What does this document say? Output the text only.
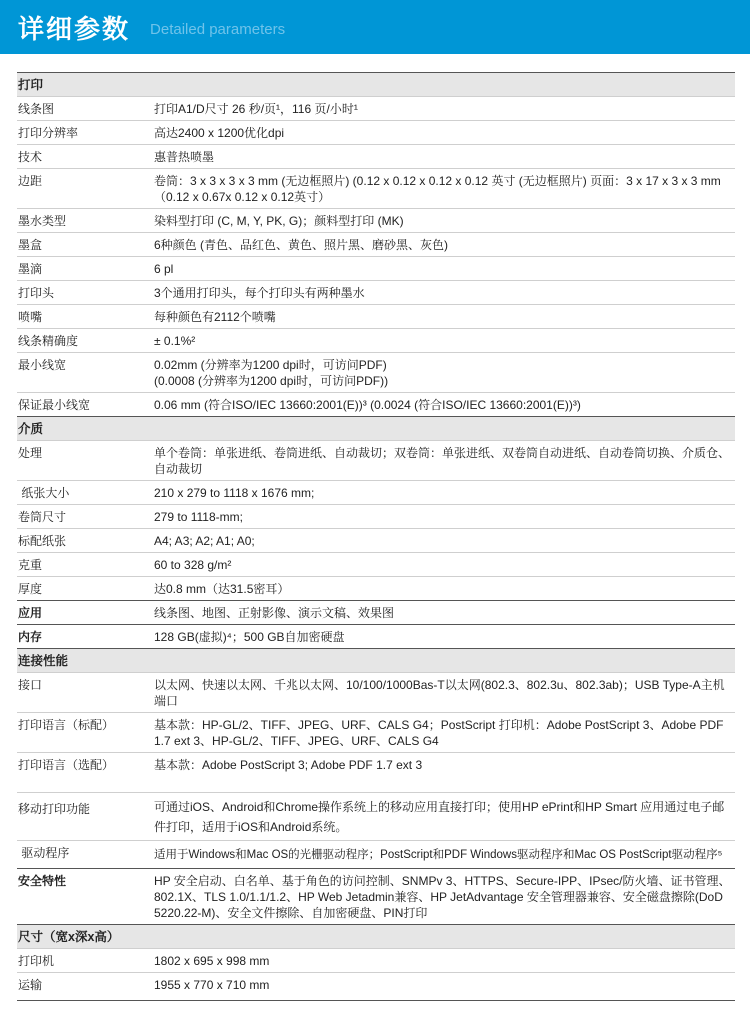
详细参数 Detailed parameters
打印
线条图	打印A1/D尺寸 26 秒/页¹，116 页/小时¹
打印分辨率	高达2400 x 1200优化dpi
技术	惠普热喷墨
边距	卷筒：3 x 3 x 3 x 3 mm (无边框照片) (0.12 x 0.12 x 0.12 x 0.12 英寸 (无边框照片) 页面：3 x 17 x 3 x 3 mm（0.12 x 0.67x 0.12 x 0.12英寸）
墨水类型	染料型打印 (C, M, Y, PK, G)；颜料型打印 (MK)
墨盒	6种颜色 (青色、品红色、黄色、照片黑、磨砂黑、灰色)
墨滴	6 pl
打印头	3个通用打印头，每个打印头有两种墨水
喷嘴	每种颜色有2112个喷嘴
线条精确度	± 0.1%²
最小线宽	0.02mm (分辨率为1200 dpi时，可访问PDF)
(0.0008 (分辨率为1200 dpi时，可访问PDF))
保证最小线宽	0.06 mm (符合ISO/IEC 13660:2001(E))³ (0.0024 (符合ISO/IEC 13660:2001(E))³)
介质
处理	单个卷筒：单张进纸、卷筒进纸、自动裁切；双卷筒：单张进纸、双卷筒自动进纸、自动卷筒切换、介质仓、自动裁切
纸张大小	210 x 279 to 1118 x 1676 mm;
卷筒尺寸	279 to 1118-mm;
标配纸张	A4; A3; A2; A1; A0;
克重	60 to 328 g/m²
厚度	达0.8 mm（达31.5密耳）
应用	线条图、地图、正射影像、演示文稿、效果图
内存	128 GB(虚拟)⁴；500 GB自加密硬盘
连接性能
接口	以太网、快速以太网、千兆以太网、10/100/1000Bas-T以太网(802.3、802.3u、802.3ab)；USB Type-A主机端口
打印语言（标配）	基本款：HP-GL/2、TIFF、JPEG、URF、CALS G4；PostScript 打印机：Adobe PostScript 3、Adobe PDF 1.7 ext 3、HP-GL/2、TIFF、JPEG、URF、CALS G4
打印语言（选配）	基本款：Adobe PostScript 3; Adobe PDF 1.7 ext 3
移动打印功能	可通过iOS、Android和Chrome操作系统上的移动应用直接打印；使用HP ePrint和HP Smart 应用通过电子邮件打印，适用于iOS和Android系统。
驱动程序	适用于Windows和Mac OS的光栅驱动程序；PostScript和PDF Windows驱动程序和Mac OS PostScript驱动程序⁵
安全特性	HP 安全启动、白名单、基于角色的访问控制、SNMPv 3、HTTPS、Secure-IPP、IPsec/防火墙、证书管理、802.1X、TLS 1.0/1.1/1.2、HP Web Jetadmin兼容、HP JetAdvantage 安全管理器兼容、安全磁盘擦除(DoD 5220.22-M)、安全文件擦除、自加密硬盘、PIN打印
尺寸（宽x深x高）
打印机	1802 x 695 x 998 mm
运输	1955 x 770 x 710 mm
